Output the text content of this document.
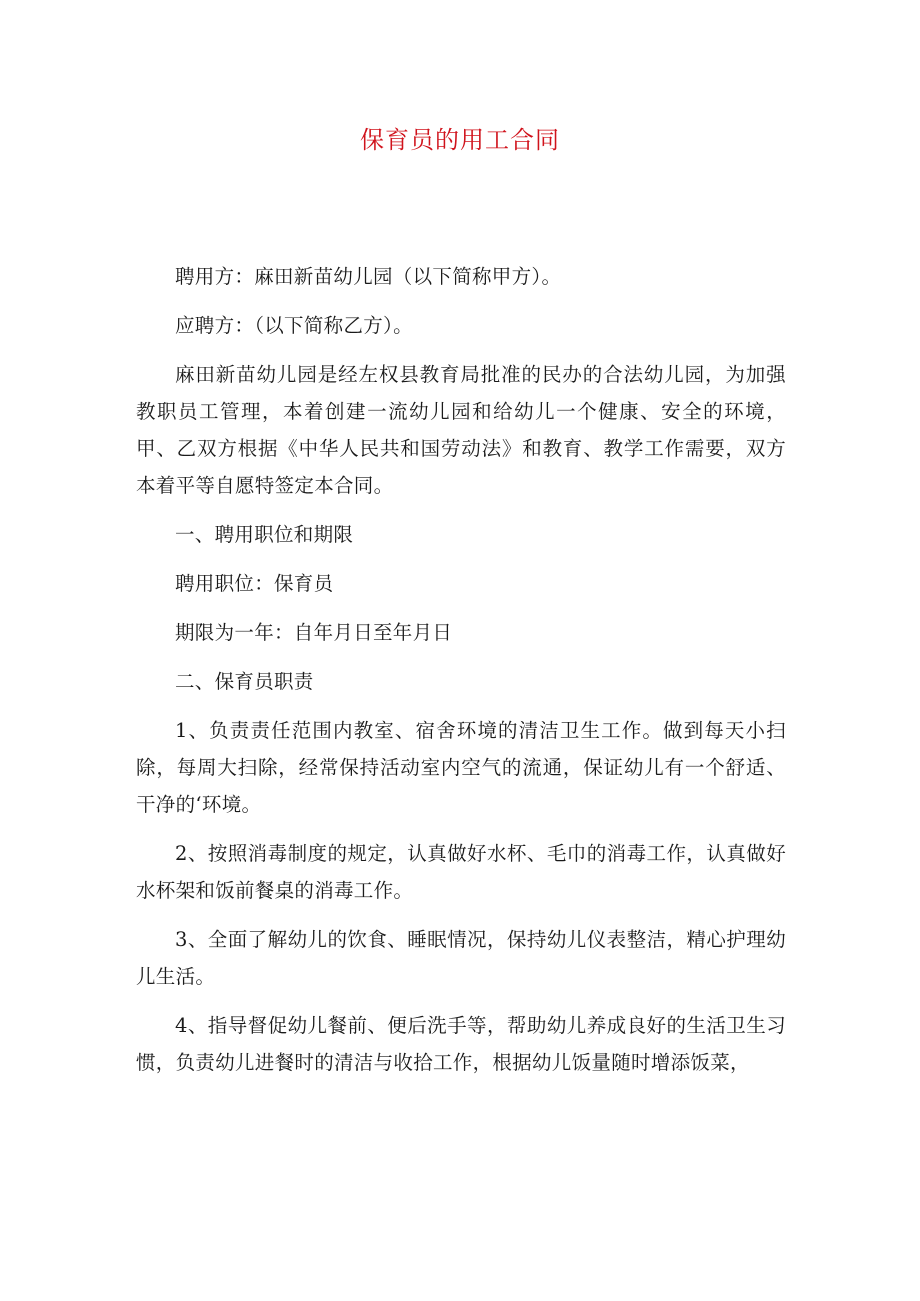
保育员的用工合同

聘用方：麻田新苗幼儿园（以下简称甲方）。

应聘方：（以下简称乙方）。

麻田新苗幼儿园是经左权县教育局批准的民办的合法幼儿园，为加强教职员工管理，本着创建一流幼儿园和给幼儿一个健康、安全的环境，甲、乙双方根据《中华人民共和国劳动法》和教育、教学工作需要，双方本着平等自愿特签定本合同。

一、聘用职位和期限

聘用职位：保育员

期限为一年：自年月日至年月日

二、保育员职责

1、负责责任范围内教室、宿舍环境的清洁卫生工作。做到每天小扫除，每周大扫除，经常保持活动室内空气的流通，保证幼儿有一个舒适、干净的‘环境。

2、按照消毒制度的规定，认真做好水杯、毛巾的消毒工作，认真做好水杯架和饭前餐桌的消毒工作。

3、全面了解幼儿的饮食、睡眠情况，保持幼儿仪表整洁，精心护理幼儿生活。

4、指导督促幼儿餐前、便后洗手等，帮助幼儿养成良好的生活卫生习惯，负责幼儿进餐时的清洁与收拾工作，根据幼儿饭量随时增添饭菜，
